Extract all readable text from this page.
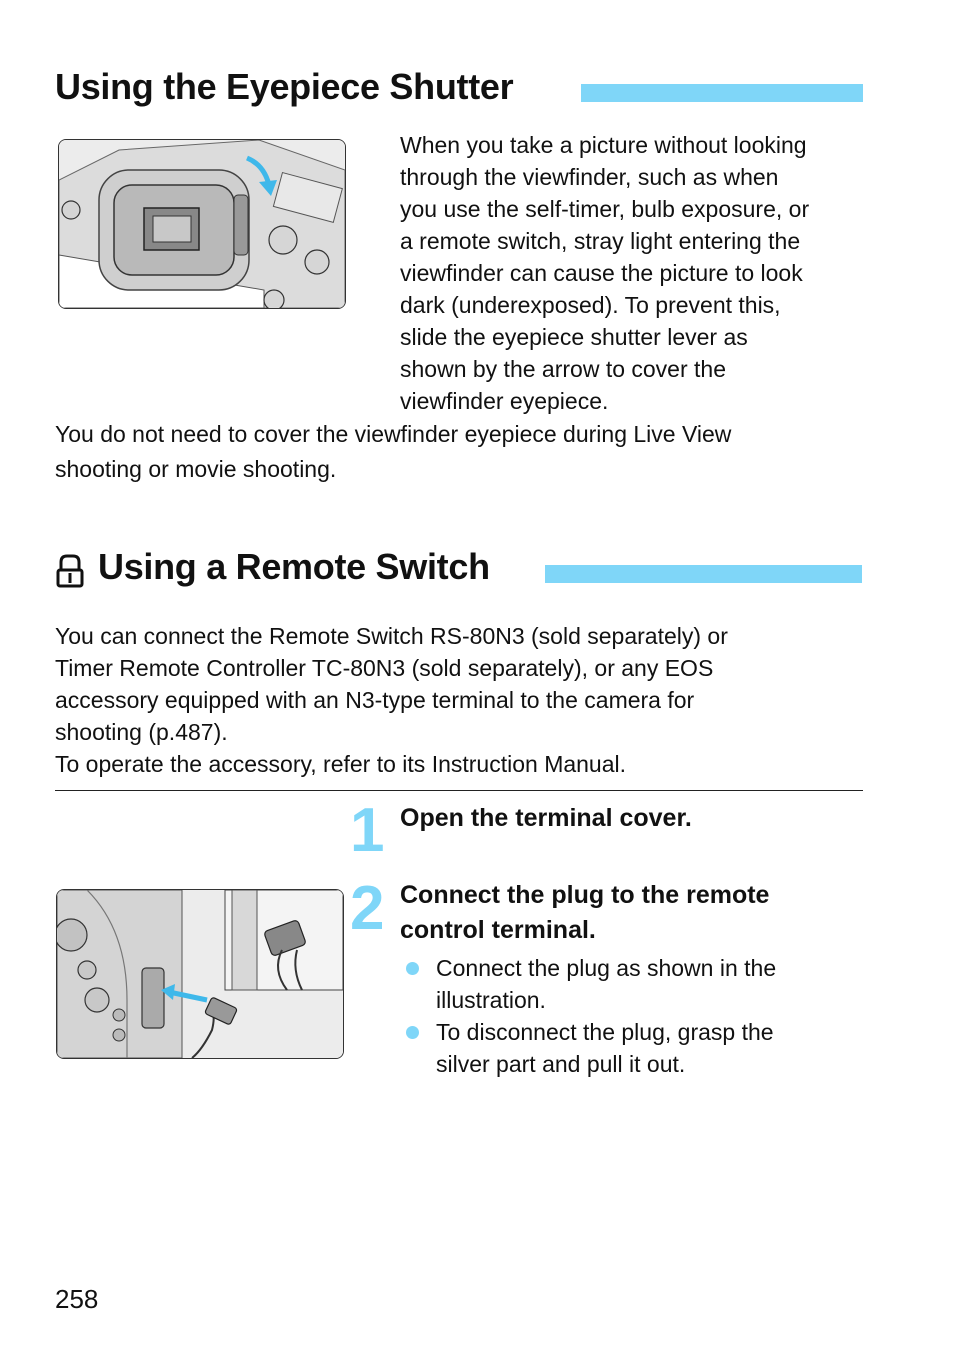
Using the Eyepiece Shutter
When you take a picture without looking
through the viewfinder, such as when
you use the self-timer, bulb exposure, or
a remote switch, stray light entering the
viewfinder can cause the picture to look
dark (underexposed). To prevent this,
slide the eyepiece shutter lever as
shown by the arrow to cover the
viewfinder eyepiece.
You do not need to cover the viewfinder eyepiece during Live View
shooting or movie shooting.
Using a Remote Switch
You can connect the Remote Switch RS-80N3 (sold separately) or
Timer Remote Controller TC-80N3 (sold separately), or any EOS
accessory equipped with an N3-type terminal to the camera for
shooting (p.487).
To operate the accessory, refer to its Instruction Manual.
1 Open the terminal cover.
2 Connect the plug to the remote
control terminal.
Connect the plug as shown in the
illustration.
To disconnect the plug, grasp the
silver part and pull it out.
258
